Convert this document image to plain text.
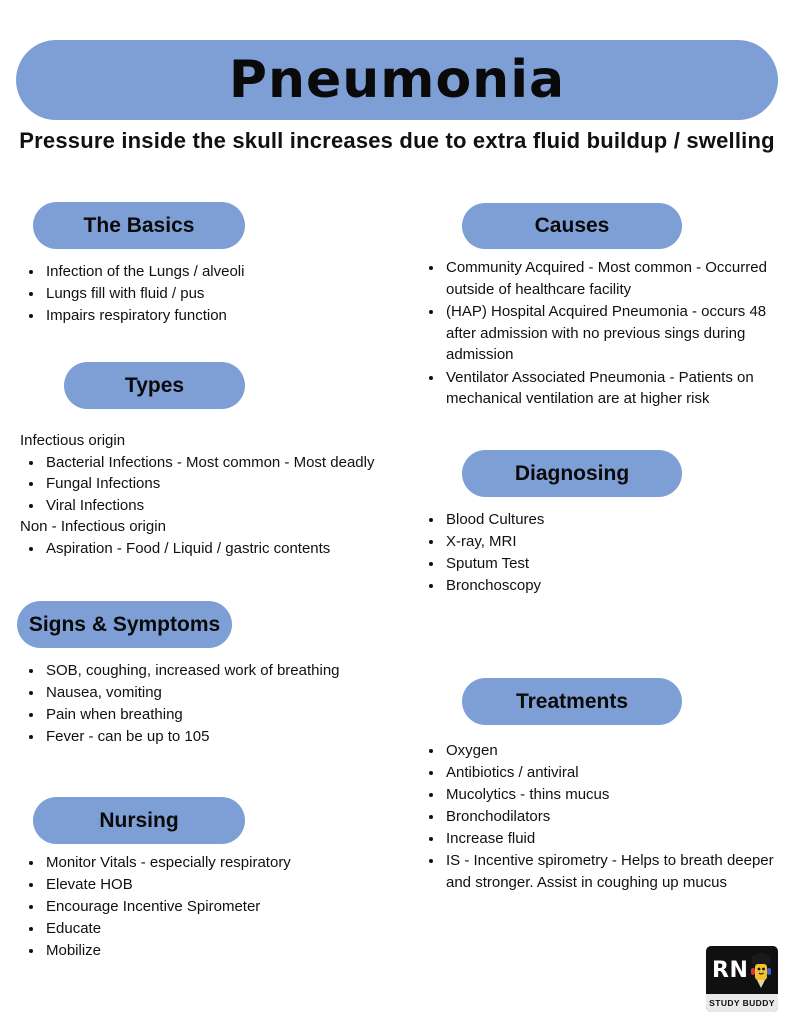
Pneumonia
Pressure inside the skull increases due to extra fluid buildup / swelling
The Basics
• Infection of the Lungs / alveoli
• Lungs fill with fluid / pus
• Impairs respiratory function
Types
Infectious origin
• Bacterial Infections - Most common - Most deadly
• Fungal Infections
• Viral Infections
Non - Infectious origin
• Aspiration - Food / Liquid / gastric contents
Signs & Symptoms
• SOB, coughing, increased work of breathing
• Nausea, vomiting
• Pain when breathing
• Fever - can be up to 105
Nursing
• Monitor Vitals - especially respiratory
• Elevate HOB
• Encourage Incentive Spirometer
• Educate
• Mobilize
Causes
• Community Acquired - Most common - Occurred outside of healthcare facility
• (HAP) Hospital Acquired Pneumonia - occurs 48 after admission with no previous sings during admission
• Ventilator Associated Pneumonia - Patients on mechanical ventilation are at higher risk
Diagnosing
• Blood Cultures
• X-ray, MRI
• Sputum Test
• Bronchoscopy
Treatments
• Oxygen
• Antibiotics / antiviral
• Mucolytics - thins mucus
• Bronchodilators
• Increase fluid
• IS - Incentive spirometry - Helps to breath deeper and stronger. Assist in coughing up mucus
RN
STUDY BUDDY
